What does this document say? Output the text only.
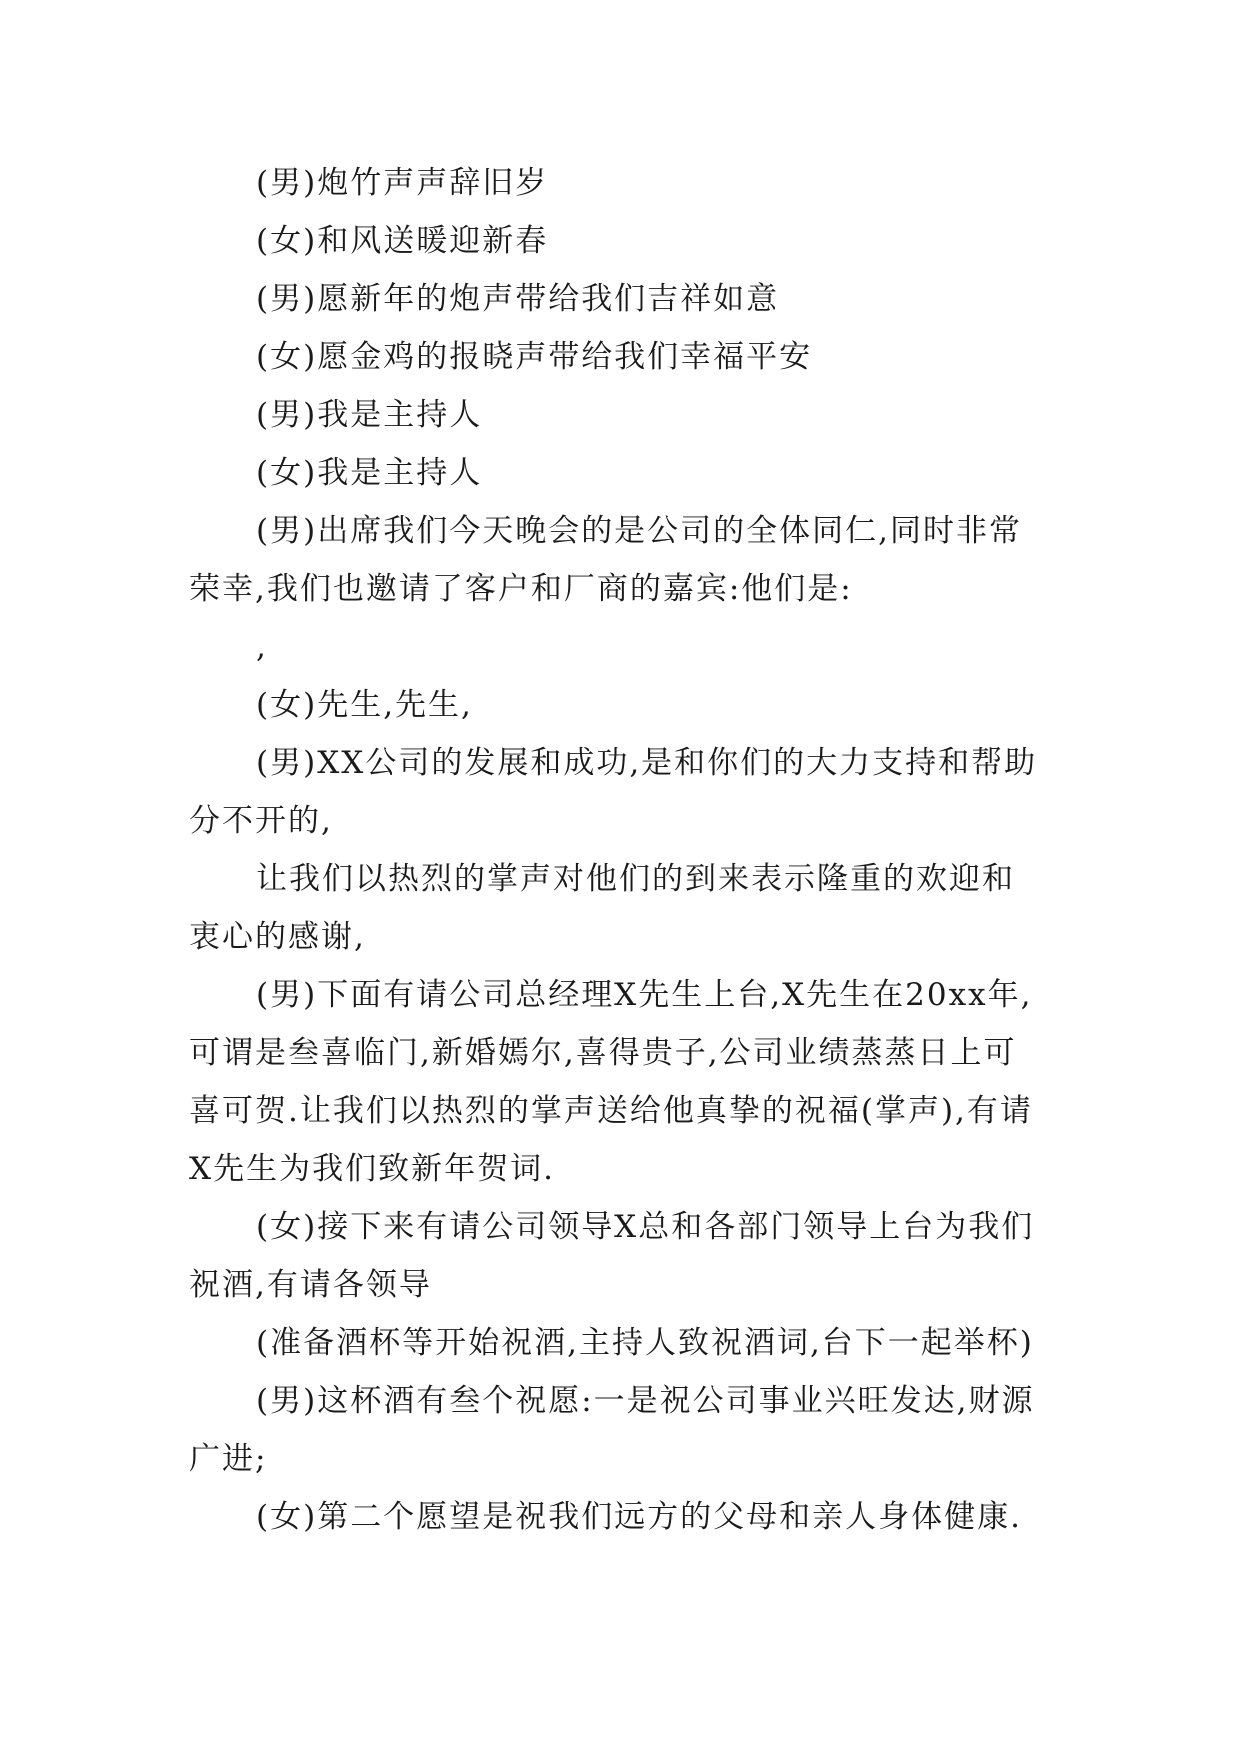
(男)炮竹声声辞旧岁
(女)和风送暖迎新春
(男)愿新年的炮声带给我们吉祥如意
(女)愿金鸡的报晓声带给我们幸福平安
(男)我是主持人
(女)我是主持人
(男)出席我们今天晚会的是公司的全体同仁,同时非常
荣幸,我们也邀请了客户和厂商的嘉宾:他们是:
,
(女)先生,先生,
(男)XX公司的发展和成功,是和你们的大力支持和帮助
分不开的,
让我们以热烈的掌声对他们的到来表示隆重的欢迎和
衷心的感谢,
(男)下面有请公司总经理X先生上台,X先生在20xx年,
可谓是叁喜临门,新婚嫣尔,喜得贵子,公司业绩蒸蒸日上可
喜可贺.让我们以热烈的掌声送给他真挚的祝福(掌声),有请
X先生为我们致新年贺词.
(女)接下来有请公司领导X总和各部门领导上台为我们
祝酒,有请各领导
(准备酒杯等开始祝酒,主持人致祝酒词,台下一起举杯)
(男)这杯酒有叁个祝愿:一是祝公司事业兴旺发达,财源
广进;
(女)第二个愿望是祝我们远方的父母和亲人身体健康.
